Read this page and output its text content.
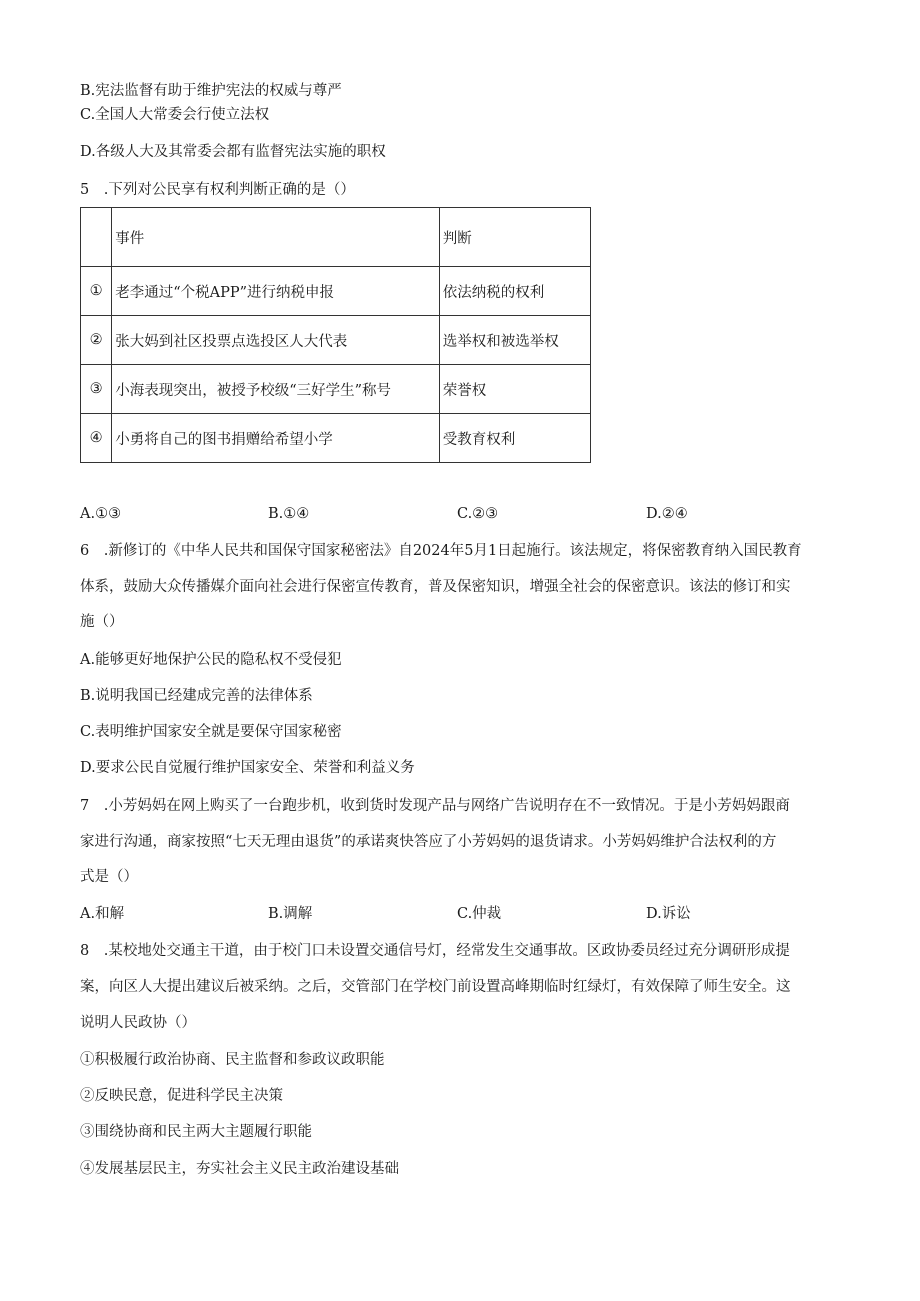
B.宪法监督有助于维护宪法的权威与尊严
C.全国人大常委会行使立法权
D.各级人大及其常委会都有监督宪法实施的职权
5　.下列对公民享有权利判断正确的是（）
	事件	判断
①	老李通过“个税APP”进行纳税申报	依法纳税的权利
②	张大妈到社区投票点选投区人大代表	选举权和被选举权
③	小海表现突出，被授予校级“三好学生”称号	荣誉权
④	小勇将自己的图书捐赠给希望小学	受教育权利
A.①③	B.①④	C.②③	D.②④
6　.新修订的《中华人民共和国保守国家秘密法》自2024年5月1日起施行。该法规定，将保密教育纳入国民教育
体系，鼓励大众传播媒介面向社会进行保密宣传教育，普及保密知识，增强全社会的保密意识。该法的修订和实
施（）
A.能够更好地保护公民的隐私权不受侵犯
B.说明我国已经建成完善的法律体系
C.表明维护国家安全就是要保守国家秘密
D.要求公民自觉履行维护国家安全、荣誉和利益义务
7　.小芳妈妈在网上购买了一台跑步机，收到货时发现产品与网络广告说明存在不一致情况。于是小芳妈妈跟商
家进行沟通，商家按照“七天无理由退货”的承诺爽快答应了小芳妈妈的退货请求。小芳妈妈维护合法权利的方
式是（）
A.和解	B.调解	C.仲裁	D.诉讼
8　.某校地处交通主干道，由于校门口未设置交通信号灯，经常发生交通事故。区政协委员经过充分调研形成提
案，向区人大提出建议后被采纳。之后，交管部门在学校门前设置高峰期临时红绿灯，有效保障了师生安全。这
说明人民政协（）
①积极履行政治协商、民主监督和参政议政职能
②反映民意，促进科学民主决策
③围绕协商和民主两大主题履行职能
④发展基层民主，夯实社会主义民主政治建设基础
